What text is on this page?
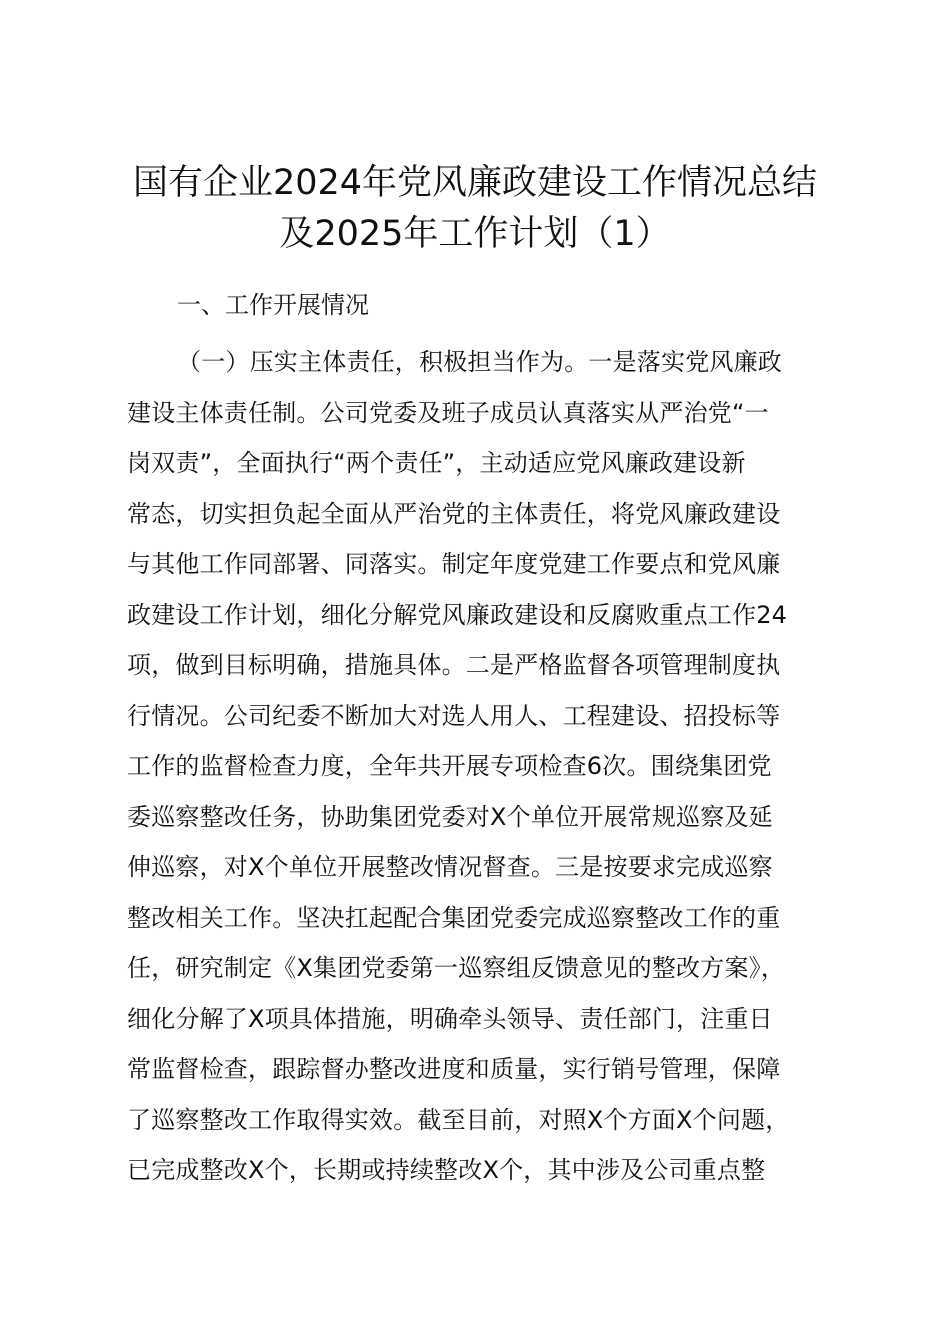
国有企业2024年党风廉政建设工作情况总结
及2025年工作计划（1）

一、工作开展情况

（一）压实主体责任，积极担当作为。一是落实党风廉政
建设主体责任制。公司党委及班子成员认真落实从严治党“一
岗双责”，全面执行“两个责任”，主动适应党风廉政建设新
常态，切实担负起全面从严治党的主体责任，将党风廉政建设
与其他工作同部署、同落实。制定年度党建工作要点和党风廉
政建设工作计划，细化分解党风廉政建设和反腐败重点工作24
项，做到目标明确，措施具体。二是严格监督各项管理制度执
行情况。公司纪委不断加大对选人用人、工程建设、招投标等
工作的监督检查力度，全年共开展专项检查6次。围绕集团党
委巡察整改任务，协助集团党委对X个单位开展常规巡察及延
伸巡察，对X个单位开展整改情况督查。三是按要求完成巡察
整改相关工作。坚决扛起配合集团党委完成巡察整改工作的重
任，研究制定《X集团党委第一巡察组反馈意见的整改方案》，
细化分解了X项具体措施，明确牵头领导、责任部门，注重日
常监督检查，跟踪督办整改进度和质量，实行销号管理，保障
了巡察整改工作取得实效。截至目前，对照X个方面X个问题，
已完成整改X个，长期或持续整改X个，其中涉及公司重点整
